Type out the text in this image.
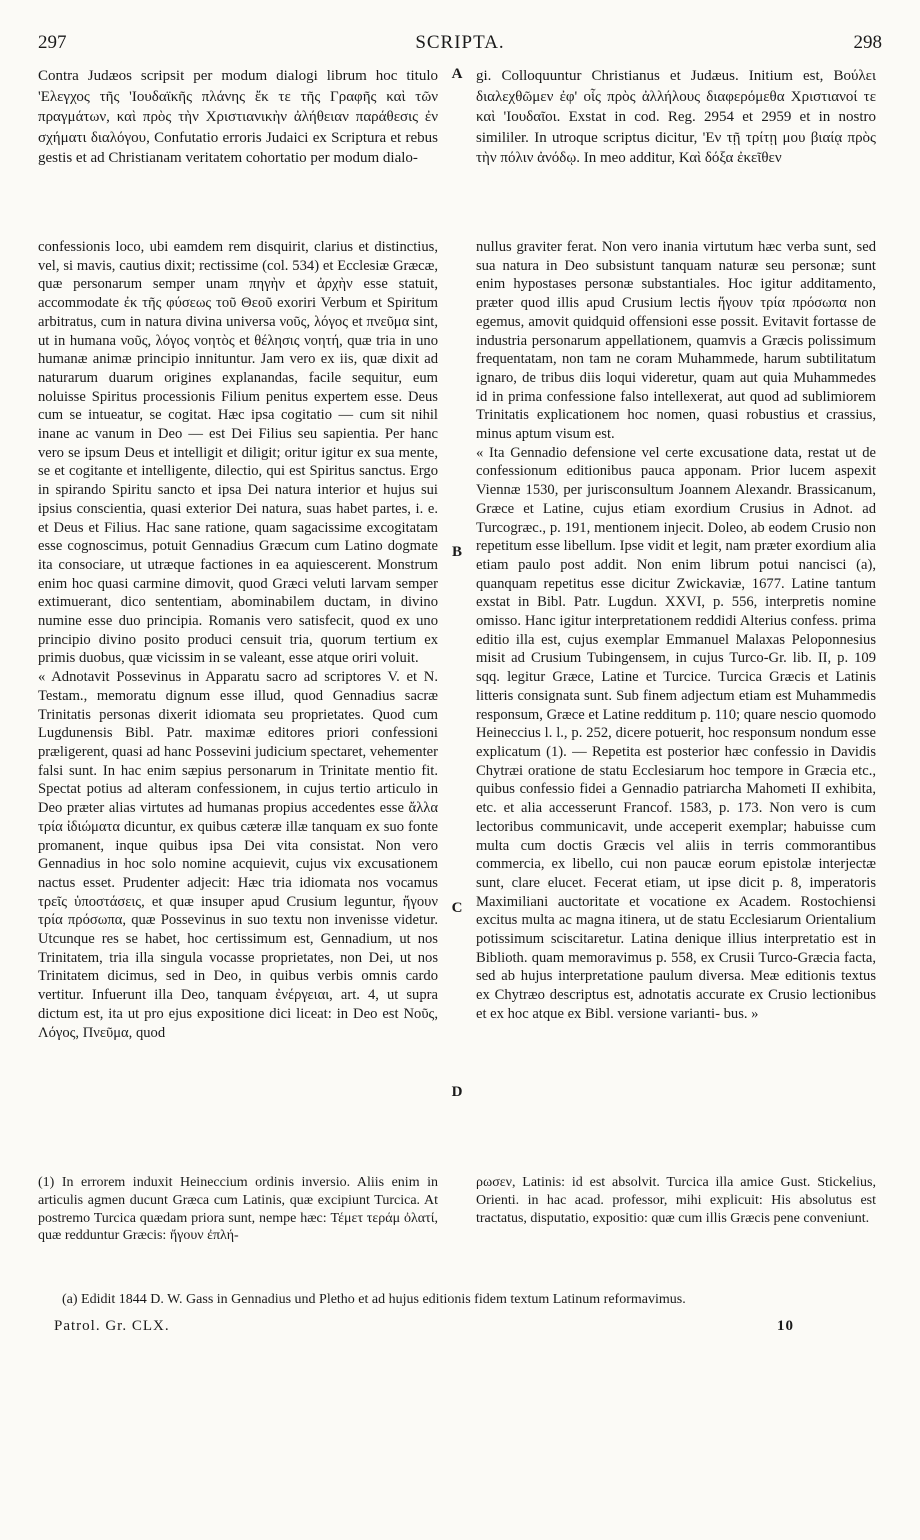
297	SCRIPTA.	298

Contra Judæos scripsit per modum dialogi librum hoc titulo 'Ελεγχος τῆς 'Ιουδαϊκῆς πλάνης ἔκ τε τῆς Γραφῆς καὶ τῶν πραγμάτων, καὶ πρὸς τὴν Χριστιανικὴν ἀλήθειαν παράθεσις ἐν σχήματι διαλόγου, Confutatio erroris Judaici ex Scriptura et rebus gestis et ad Christianam veritatem cohortatio per modum dialo-

gi. Colloquuntur Christianus et Judæus. Initium est, Βούλει διαλεχθῶμεν ἐφ' οἷς πρὸς ἀλλήλους διαφερόμεθα Χριστιανοί τε καὶ 'Ιουδαῖοι. Exstat in cod. Reg. 2954 et 2959 et in nostro simililer. In utroque scriptus dicitur, 'Εν τῇ τρίτῃ μου βιαίᾳ πρὸς τὴν πόλιν ἀνόδῳ. In meo additur, Καὶ δόξα ἐκεῖθεν

A
B
C
D

confessionis loco, ubi eamdem rem disquirit, clarius et distinctius, vel, si mavis, cautius dixit; rectissime (col. 534) et Ecclesiæ Græcæ, quæ personarum semper unam πηγὴν et ἀρχὴν esse statuit, accommodate ἐκ τῆς φύσεως τοῦ Θεοῦ exoriri Verbum et Spiritum arbitratus, cum in natura divina universa νοῦς, λόγος et πνεῦμα sint, ut in humana νοῦς, λόγος νοητὸς et θέλησις νοητή, quæ tria in uno humanæ animæ principio innituntur. Jam vero ex iis, quæ dixit ad naturarum duarum origines explanandas, facile sequitur, eum noluisse Spiritus processionis Filium penitus expertem esse. Deus cum se intueatur, se cogitat. Hæc ipsa cogitatio — cum sit nihil inane ac vanum in Deo — est Dei Filius seu sapientia. Per hanc vero se ipsum Deus et intelligit et diligit; oritur igitur ex sua mente, se et cogitante et intelligente, dilectio, qui est Spiritus sanctus. Ergo in spirando Spiritu sancto et ipsa Dei natura interior et hujus sui ipsius conscientia, quasi exterior Dei natura, suas habet partes, i. e. et Deus et Filius. Hac sane ratione, quam sagacissime excogitatam esse cognoscimus, potuit Gennadius Græcum cum Latino dogmate ita consociare, ut utræque factiones in ea aquiescerent. Monstrum enim hoc quasi carmine dimovit, quod Græci veluti larvam semper extimuerant, dico sententiam, abominabilem ductam, in divino numine esse duo principia. Romanis vero satisfecit, quod ex uno principio divino posito produci censuit tria, quorum tertium ex primis duobus, quæ vicissim in se valeant, esse atque oriri voluit.

« Adnotavit Possevinus in Apparatu sacro ad scriptores V. et N. Testam., memoratu dignum esse illud, quod Gennadius sacræ Trinitatis personas dixerit idiomata seu proprietates. Quod cum Lugdunensis Bibl. Patr. maximæ editores priori confessioni præligerent, quasi ad hanc Possevini judicium spectaret, vehementer falsi sunt. In hac enim sæpius personarum in Trinitate mentio fit. Spectat potius ad alteram confessionem, in cujus tertio articulo in Deo præter alias virtutes ad humanas propius accedentes esse ἄλλα τρία ἰδιώματα dicuntur, ex quibus cæteræ illæ tanquam ex suo fonte promanent, inque quibus ipsa Dei vita consistat. Non vero Gennadius in hoc solo nomine acquievit, cujus vix excusationem nactus esset. Prudenter adjecit: Hæc tria idiomata nos vocamus τρεῖς ὑποστάσεις, et quæ insuper apud Crusium leguntur, ἤγουν τρία πρόσωπα, quæ Possevinus in suo textu non invenisse videtur. Utcunque res se habet, hoc certissimum est, Gennadium, ut nos Trinitatem, tria illa singula vocasse proprietates, non Dei, ut nos Trinitatem dicimus, sed in Deo, in quibus verbis omnis cardo vertitur. Infuerunt illa Deo, tanquam ἐνέργειαι, art. 4, ut supra dictum est, ita ut pro ejus expositione dici liceat: in Deo est Νοῦς, Λόγος, Πνεῦμα, quod

nullus graviter ferat. Non vero inania virtutum hæc verba sunt, sed sua natura in Deo subsistunt tanquam naturæ seu personæ; sunt enim hypostases personæ substantiales. Hoc igitur additamento, præter quod illis apud Crusium lectis ἤγουν τρία πρόσωπα non egemus, amovit quidquid offensioni esse possit. Evitavit fortasse de industria personarum appellationem, quamvis a Græcis polissimum frequentatam, non tam ne coram Muhammede, harum subtilitatum ignaro, de tribus diis loqui videretur, quam aut quia Muhammedes id in prima confessione falso intellexerat, aut quod ad sublimiorem Trinitatis explicationem hoc nomen, quasi robustius et crassius, minus aptum visum est.

« Ita Gennadio defensione vel certe excusatione data, restat ut de confessionum editionibus pauca apponam. Prior lucem aspexit Viennæ 1530, per jurisconsultum Joannem Alexandr. Brassicanum, Græce et Latine, cujus etiam exordium Crusius in Adnot. ad Turcogræc., p. 191, mentionem injecit. Doleo, ab eodem Crusio non repetitum esse libellum. Ipse vidit et legit, nam præter exordium alia etiam paulo post addit. Non enim librum potui nancisci (a), quanquam repetitus esse dicitur Zwickaviæ, 1677. Latine tantum exstat in Bibl. Patr. Lugdun. XXVI, p. 556, interpretis nomine omisso. Hanc igitur interpretationem reddidi Alterius confess. prima editio illa est, cujus exemplar Emmanuel Malaxas Peloponnesius misit ad Crusium Tubingensem, in cujus Turco-Gr. lib. II, p. 109 sqq. legitur Græce, Latine et Turcice. Turcica Græcis et Latinis litteris consignata sunt. Sub finem adjectum etiam est Muhammedis responsum, Græce et Latine redditum p. 110; quare nescio quomodo Heineccius l. l., p. 252, dicere potuerit, hoc responsum nondum esse explicatum (1). — Repetita est posterior hæc confessio in Davidis Chytræi oratione de statu Ecclesiarum hoc tempore in Græcia etc., quibus confessio fidei a Gennadio patriarcha Mahometi II exhibita, etc. et alia accesserunt Francof. 1583, p. 173. Non vero is cum lectoribus communicavit, unde acceperit exemplar; habuisse cum multa cum doctis Græcis vel aliis in terris commorantibus commercia, ex libello, cui non paucæ eorum epistolæ interjectæ sunt, clare elucet. Fecerat etiam, ut ipse dicit p. 8, imperatoris Maximiliani auctoritate et vocatione ex Academ. Rostochiensi excitus multa ac magna itinera, ut de statu Ecclesiarum Orientalium potissimum sciscitaretur. Latina denique illius interpretatio est in Biblioth. quam memoravimus p. 558, ex Crusii Turco-Græcia facta, sed ab hujus interpretatione paulum diversa. Meæ editionis textus ex Chytræo descriptus est, adnotatis accurate ex Crusio lectionibus et ex hoc atque ex Bibl. versione varianti- bus. »

(1) In errorem induxit Heineccium ordinis inversio. Aliis enim in articulis agmen ducunt Græca cum Latinis, quæ excipiunt Turcica. At postremo Turcica quædam priora sunt, nempe hæc: Τέμετ τεράμ ὀλατί, quæ redduntur Græcis: ἤγουν ἐπλή-

ρωσεν, Latinis: id est absolvit. Turcica illa amice Gust. Stickelius, Orienti. in hac acad. professor, mihi explicuit: His absolutus est tractatus, disputatio, expositio: quæ cum illis Græcis pene conveniunt.

(a) Edidit 1844 D. W. Gass in Gennadius und Pletho et ad hujus editionis fidem textum Latinum reformavimus.
Patrol. Gr. CLX.	10
